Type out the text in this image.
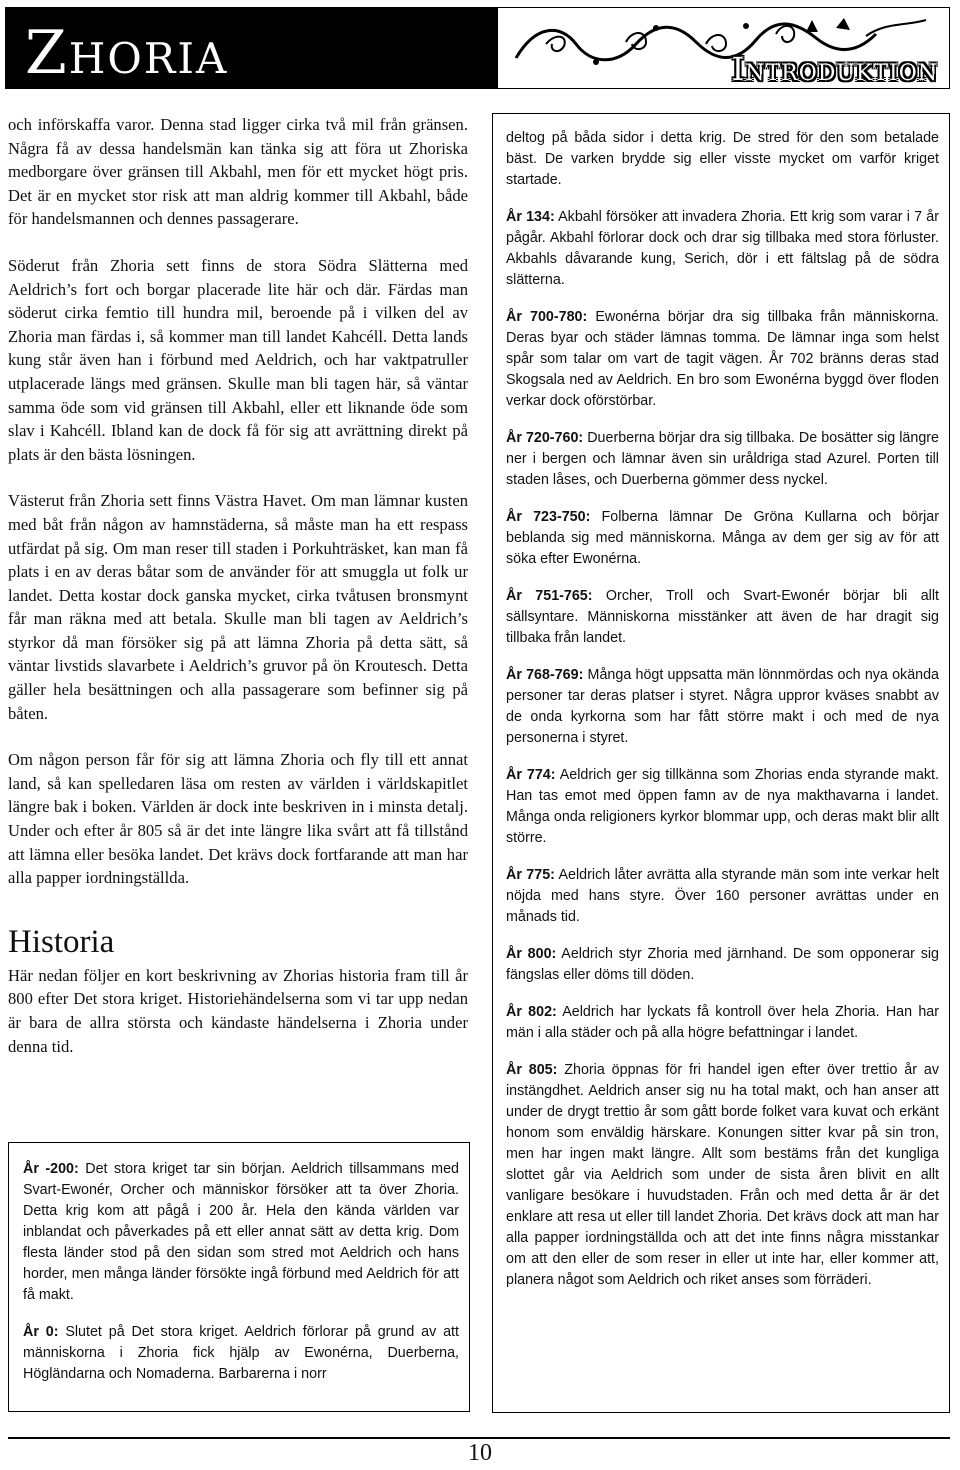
Zhoria	Introduktion

och införskaffa varor. Denna stad ligger cirka två mil från gränsen. Några få av dessa handelsmän kan tänka sig att föra ut Zhoriska medborgare över gränsen till Akbahl, men för ett mycket högt pris. Det är en mycket stor risk att man aldrig kommer till Akbahl, både för handelsmannen och dennes passagerare.

Söderut från Zhoria sett finns de stora Södra Slätterna med Aeldrich’s fort och borgar placerade lite här och där. Färdas man söderut cirka femtio till hundra mil, beroende på i vilken del av Zhoria man färdas i, så kommer man till landet Kahcéll. Detta lands kung står även han i förbund med Aeldrich, och har vaktpatruller utplacerade längs med gränsen. Skulle man bli tagen här, så väntar samma öde som vid gränsen till Akbahl, eller ett liknande öde som slav i Kahcéll. Ibland kan de dock få för sig att avrättning direkt på plats är den bästa lösningen.

Västerut från Zhoria sett finns Västra Havet. Om man lämnar kusten med båt från någon av hamnstäderna, så måste man ha ett respass utfärdat på sig. Om man reser till staden i Porkuhträsket, kan man få plats i en av deras båtar som de använder för att smuggla ut folk ur landet. Detta kostar dock ganska mycket, cirka tvåtusen bronsmynt får man räkna med att betala. Skulle man bli tagen av Aeldrich’s styrkor då man försöker sig på att lämna Zhoria på detta sätt, så väntar livstids slavarbete i Aeldrich’s gruvor på ön Kroutesch. Detta gäller hela besättningen och alla passagerare som befinner sig på båten.

Om någon person får för sig att lämna Zhoria och fly till ett annat land, så kan spelledaren läsa om resten av världen i världskapitlet längre bak i boken. Världen är dock inte beskriven in i minsta detalj. Under och efter år 805 så är det inte längre lika svårt att få tillstånd att lämna eller besöka landet. Det krävs dock fortfarande att man har alla papper iordningställda.

Historia

Här nedan följer en kort beskrivning av Zhorias historia fram till år 800 efter Det stora kriget. Historiehändelserna som vi tar upp nedan är bara de allra största och kändaste händelserna i Zhoria under denna tid.

År -200: Det stora kriget tar sin början. Aeldrich tillsammans med Svart-Ewonér, Orcher och människor försöker att ta över Zhoria. Detta krig kom att pågå i 200 år. Hela den kända världen var inblandat och påverkades på ett eller annat sätt av detta krig. Dom flesta länder stod på den sidan som stred mot Aeldrich och hans horder, men många länder försökte ingå förbund med Aeldrich för att få makt.

År 0: Slutet på Det stora kriget. Aeldrich förlorar på grund av att människorna i Zhoria fick hjälp av Ewonérna, Duerberna, Högländarna och Nomaderna. Barbarerna i norr

deltog på båda sidor i detta krig. De stred för den som betalade bäst. De varken brydde sig eller visste mycket om varför kriget startade.

År 134: Akbahl försöker att invadera Zhoria. Ett krig som varar i 7 år pågår. Akbahl förlorar dock och drar sig tillbaka med stora förluster. Akbahls dåvarande kung, Serich, dör i ett fältslag på de södra slätterna.

År 700-780: Ewonérna börjar dra sig tillbaka från människorna. Deras byar och städer lämnas tomma. De lämnar inga som helst spår som talar om vart de tagit vägen. År 702 bränns deras stad Skogsala ned av Aeldrich. En bro som Ewonérna byggd över floden verkar dock oförstörbar.

År 720-760: Duerberna börjar dra sig tillbaka. De bosätter sig längre ner i bergen och lämnar även sin uråldriga stad Azurel. Porten till staden låses, och Duerberna gömmer dess nyckel.

År 723-750: Folberna lämnar De Gröna Kullarna och börjar beblanda sig med människorna. Många av dem ger sig av för att söka efter Ewonérna.

År 751-765: Orcher, Troll och Svart-Ewonér börjar bli allt sällsyntare. Människorna misstänker att även de har dragit sig tillbaka från landet.

År 768-769: Många högt uppsatta män lönnmördas och nya okända personer tar deras platser i styret. Några uppror kväses snabbt av de onda kyrkorna som har fått större makt i och med de nya personerna i styret.

År 774: Aeldrich ger sig tillkänna som Zhorias enda styrande makt. Han tas emot med öppen famn av de nya makthavarna i landet. Många onda religioners kyrkor blommar upp, och deras makt blir allt större.

År 775: Aeldrich låter avrätta alla styrande män som inte verkar helt nöjda med hans styre. Över 160 personer avrättas under en månads tid.

År 800: Aeldrich styr Zhoria med järnhand. De som opponerar sig fängslas eller döms till döden.

År 802: Aeldrich har lyckats få kontroll över hela Zhoria. Han har män i alla städer och på alla högre befattningar i landet.

År 805: Zhoria öppnas för fri handel igen efter över trettio år av instängdhet. Aeldrich anser sig nu ha total makt, och han anser att under de drygt trettio år som gått borde folket vara kuvat och erkänt honom som enväldig härskare. Konungen sitter kvar på sin tron, men har ingen makt längre. Allt som bestäms från det kungliga slottet går via Aeldrich som under de sista åren blivit en allt vanligare besökare i huvudstaden. Från och med detta år är det enklare att resa ut eller till landet Zhoria. Det krävs dock att man har alla papper iordningställda och att det inte finns några misstankar om att den eller de som reser in eller ut inte har, eller kommer att, planera något som Aeldrich och riket anses som förräderi.

10
